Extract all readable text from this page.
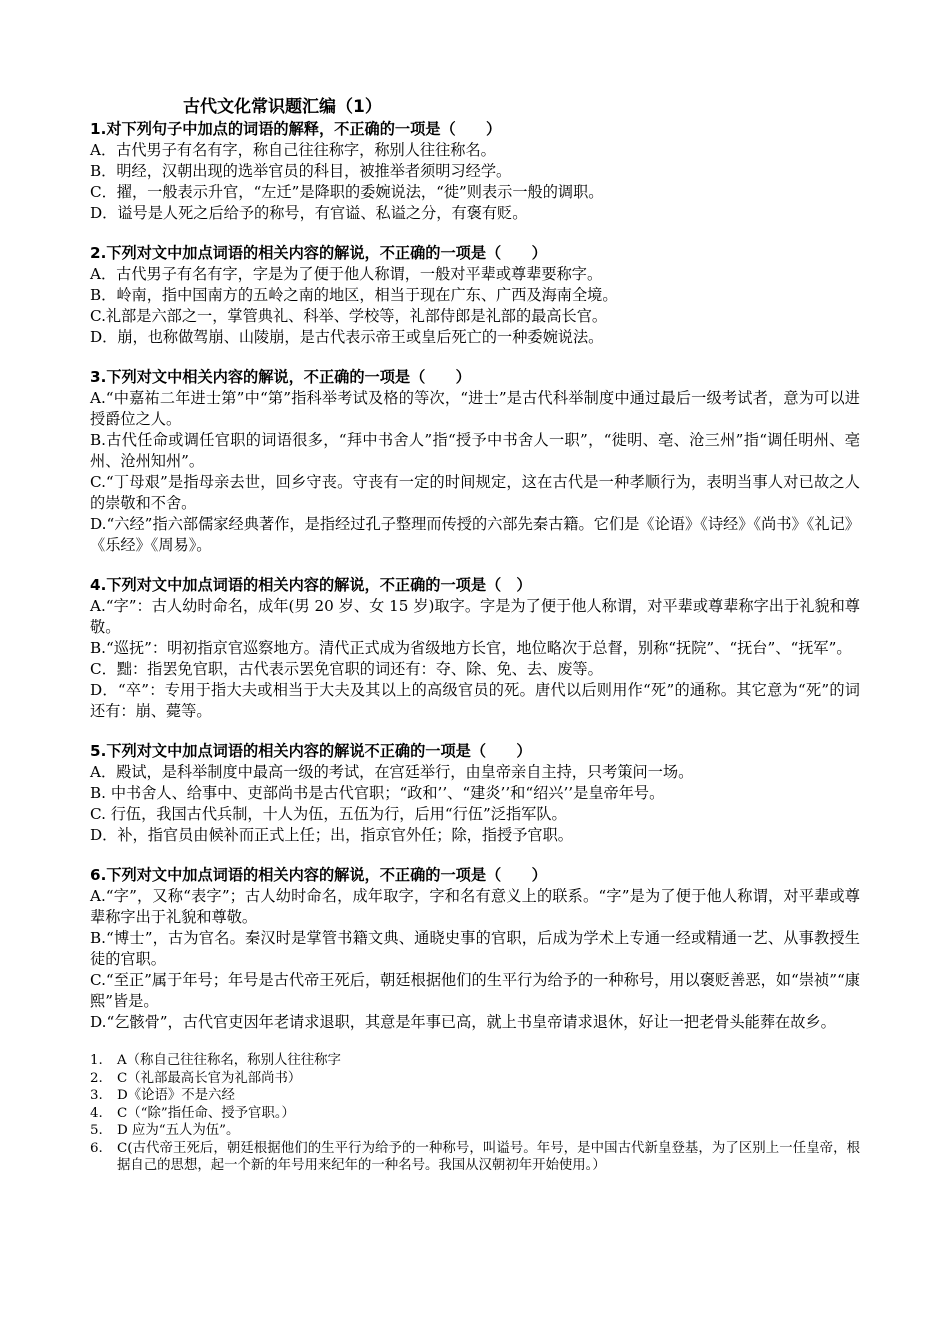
古代文化常识题汇编（1）
1.对下列句子中加点的词语的解释，不正确的一项是（　　）
A．古代男子有名有字，称自己往往称字，称别人往往称名。
B．明经，汉朝出现的选举官员的科目，被推举者须明习经学。
C．擢，一般表示升官，“左迁”是降职的委婉说法，“徙”则表示一般的调职。
D．谥号是人死之后给予的称号，有官谥、私谥之分，有褒有贬。
2.下列对文中加点词语的相关内容的解说，不正确的一项是（　　）
A．古代男子有名有字，字是为了便于他人称谓，一般对平辈或尊辈要称字。
B．岭南，指中国南方的五岭之南的地区，相当于现在广东、广西及海南全境。
C.礼部是六部之一，掌管典礼、科举、学校等，礼部侍郎是礼部的最高长官。
D．崩，也称做驾崩、山陵崩，是古代表示帝王或皇后死亡的一种委婉说法。
3.下列对文中相关内容的解说，不正确的一项是（　　）
A.“中嘉祐二年进士第”中“第”指科举考试及格的等次，“进士”是古代科举制度中通过最后一级考试者，意为可以进授爵位之人。
B.古代任命或调任官职的词语很多，“拜中书舍人”指“授予中书舍人一职”，“徙明、亳、沧三州”指“调任明州、亳州、沧州知州”。
C.“丁母艰”是指母亲去世，回乡守丧。守丧有一定的时间规定，这在古代是一种孝顺行为，表明当事人对已故之人的崇敬和不舍。
D.“六经”指六部儒家经典著作，是指经过孔子整理而传授的六部先秦古籍。它们是《论语》《诗经》《尚书》《礼记》《乐经》《周易》。
4.下列对文中加点词语的相关内容的解说，不正确的一项是（　）
A.“字”：古人幼时命名，成年(男 20 岁、女 15 岁)取字。字是为了便于他人称谓，对平辈或尊辈称字出于礼貌和尊敬。
B.“巡抚”：明初指京官巡察地方。清代正式成为省级地方长官，地位略次于总督，别称“抚院”、“抚台”、“抚军”。
C．黜：指罢免官职，古代表示罢免官职的词还有：夺、除、免、去、废等。
D．“卒”：专用于指大夫或相当于大夫及其以上的高级官员的死。唐代以后则用作“死”的通称。其它意为“死”的词还有：崩、薨等。
5.下列对文中加点词语的相关内容的解说不正确的一项是（　　）
A．殿试，是科举制度中最高一级的考试，在宫廷举行，由皇帝亲自主持，只考策问一场。
B. 中书舍人、给事中、吏部尚书是古代官职；“政和’’、“建炎’’和“绍兴’’是皇帝年号。
C. 行伍，我国古代兵制，十人为伍，五伍为行，后用“行伍”泛指军队。
D．补，指官员由候补而正式上任；出，指京官外任；除，指授予官职。
6.下列对文中加点词语的相关内容的解说，不正确的一项是（　　）
A.“字”，又称“表字”；古人幼时命名，成年取字，字和名有意义上的联系。“字”是为了便于他人称谓，对平辈或尊辈称字出于礼貌和尊敬。
B.“博士”，古为官名。秦汉时是掌管书籍文典、通晓史事的官职，后成为学术上专通一经或精通一艺、从事教授生徒的官职。
C.“至正”属于年号；年号是古代帝王死后，朝廷根据他们的生平行为给予的一种称号，用以褒贬善恶，如“崇祯”“康熙”皆是。
D.“乞骸骨”，古代官吏因年老请求退职，其意是年事已高，就上书皇帝请求退休，好让一把老骨头能葬在故乡。
1.	A（称自己往往称名，称别人往往称字
2.	C（礼部最高长官为礼部尚书）
3.	D《论语》不是六经
4.	C（“除”指任命、授予官职。）
5.	D 应为“五人为伍”。
6.	C(古代帝王死后，朝廷根据他们的生平行为给予的一种称号，叫谥号。年号，是中国古代新皇登基，为了区别上一任皇帝，根据自己的思想，起一个新的年号用来纪年的一种名号。我国从汉朝初年开始使用。）
